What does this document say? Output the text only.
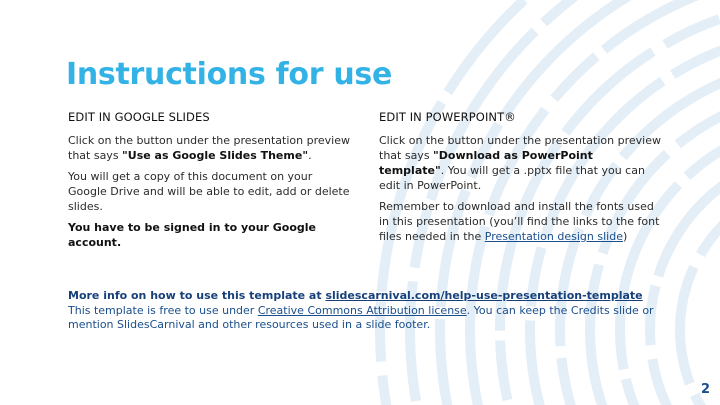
Instructions for use
EDIT IN GOOGLE SLIDES

Click on the button under the presentation preview that says "Use as Google Slides Theme".

You will get a copy of this document on your Google Drive and will be able to edit, add or delete slides.

You have to be signed in to your Google account.

EDIT IN POWERPOINT®

Click on the button under the presentation preview that says "Download as PowerPoint template". You will get a .pptx file that you can edit in PowerPoint.

Remember to download and install the fonts used in this presentation (you’ll find the links to the font files needed in the Presentation design slide)

More info on how to use this template at slidescarnival.com/help-use-presentation-template

This template is free to use under Creative Commons Attribution license. You can keep the Credits slide or mention SlidesCarnival and other resources used in a slide footer.

2
